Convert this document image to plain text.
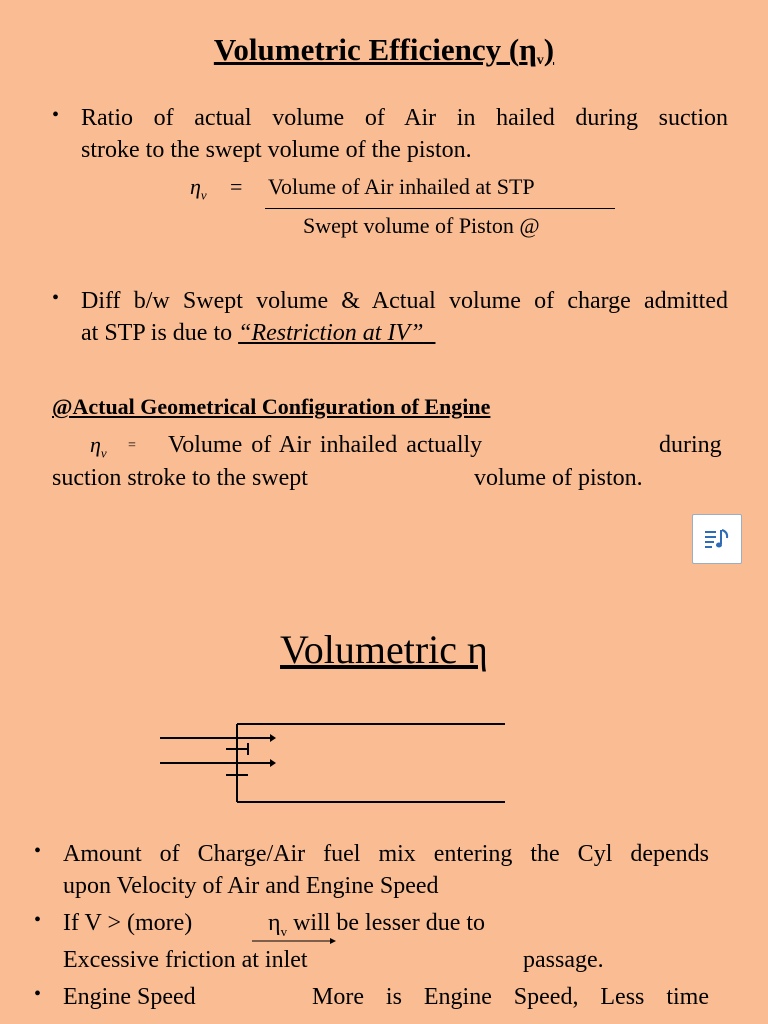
Volumetric Efficiency $(\eta_v)$
• Ratio of actual volume of Air in hailed during suction
stroke to the swept volume of the piston.
$\eta_v$ = Volume of Air inhailed at STP
Swept volume of Piston @
• Diff b/w Swept volume & Actual volume of charge admitted
at STP is due to “Restriction at IV”
@Actual Geometrical Configuration of Engine
$\eta_v$ = Volume of Air inhailed actually	during
suction stroke to the swept	volume of piston.
Volumetric η
• Amount of Charge/Air fuel mix entering the Cyl depends
upon Velocity of Air and Engine Speed
• If V > (more)	$\eta_v$ will be lesser due to
Excessive friction at inlet	passage.
• Engine Speed	More is Engine Speed, Less time
